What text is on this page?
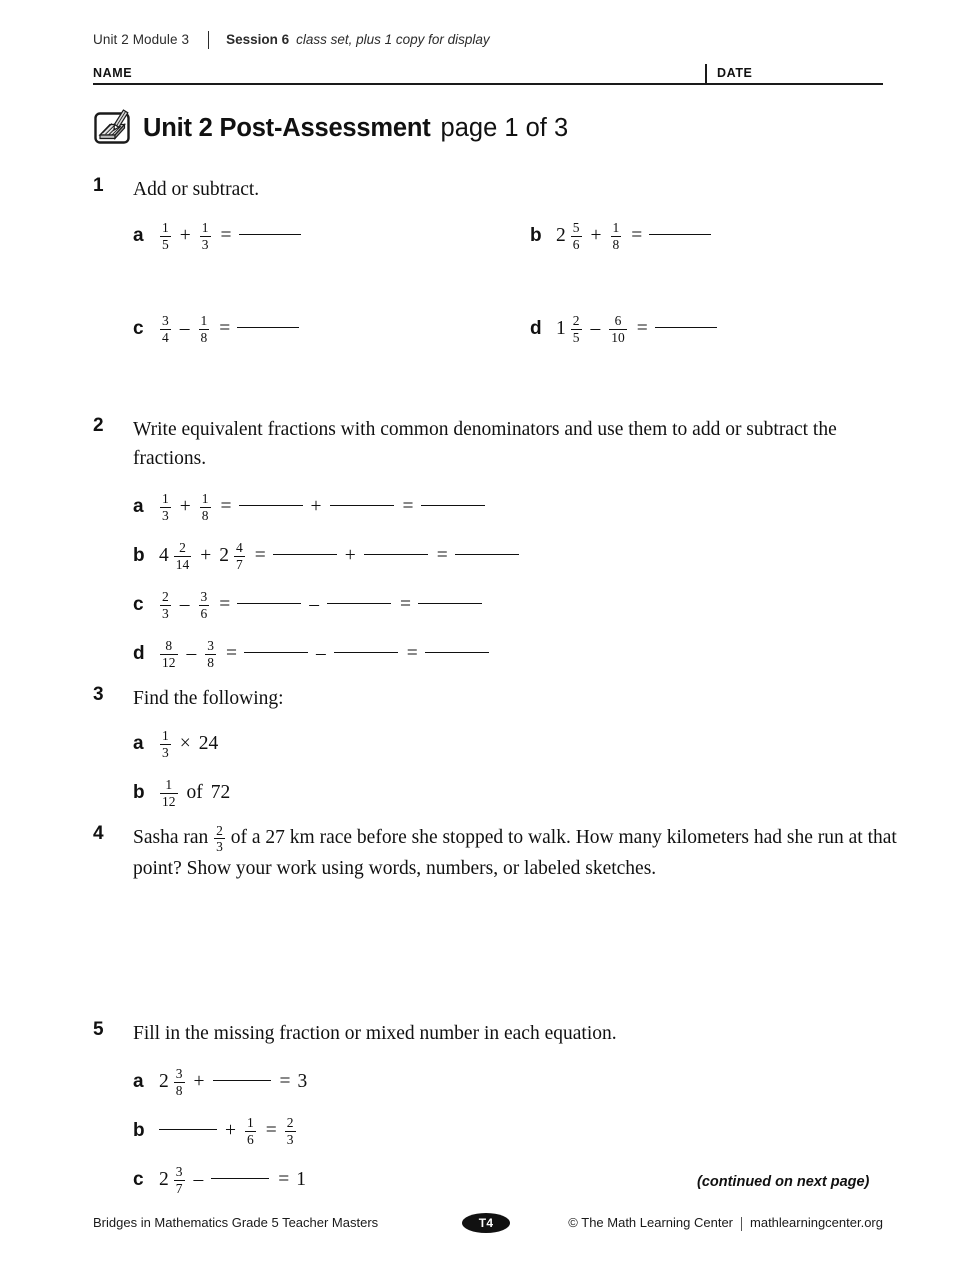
Unit 2 Module 3	Session 6 class set, plus 1 copy for display
NAME	DATE
Unit 2 Post-Assessment page 1 of 3
1	Add or subtract.
a	$\frac{1}{5} + \frac{1}{3}$ =	b $2 \frac{5}{6} + \frac{1}{8}$ =
c	$\frac{3}{4} - \frac{1}{8}$ =	d $1 \frac{2}{5} - \frac{6}{10}$ =
2	Write equivalent fractions with common denominators and use them to add or subtract the fractions.
a	$\frac{1}{3} + \frac{1}{8}$ =	+	=
b $4 \frac{2}{14} + 2 \frac{4}{7}$ =	+	=
c	$\frac{2}{3} - \frac{3}{6}$ =	–	=
d	$\frac{8}{12} - \frac{3}{8}$ =	–	=
3	Find the following:
a	$\frac{1}{3} \times 24$
b	$\frac{1}{12}$ of 72
4	Sasha ran $\frac{2}{3}$ of a 27 km race before she stopped to walk. How many kilometers had she run at that point? Show your work using words, numbers, or labeled sketches.
5	Fill in the missing fraction or mixed number in each equation.
a $2 \frac{3}{8}$ +	= 3
b	+ $\frac{1}{6} = \frac{2}{3}$
c $2 \frac{3}{7}$ –	= 1	(continued on next page)
Bridges in Mathematics Grade 5 Teacher Masters	T4	© The Math Learning Center mathlearningcenter.org
